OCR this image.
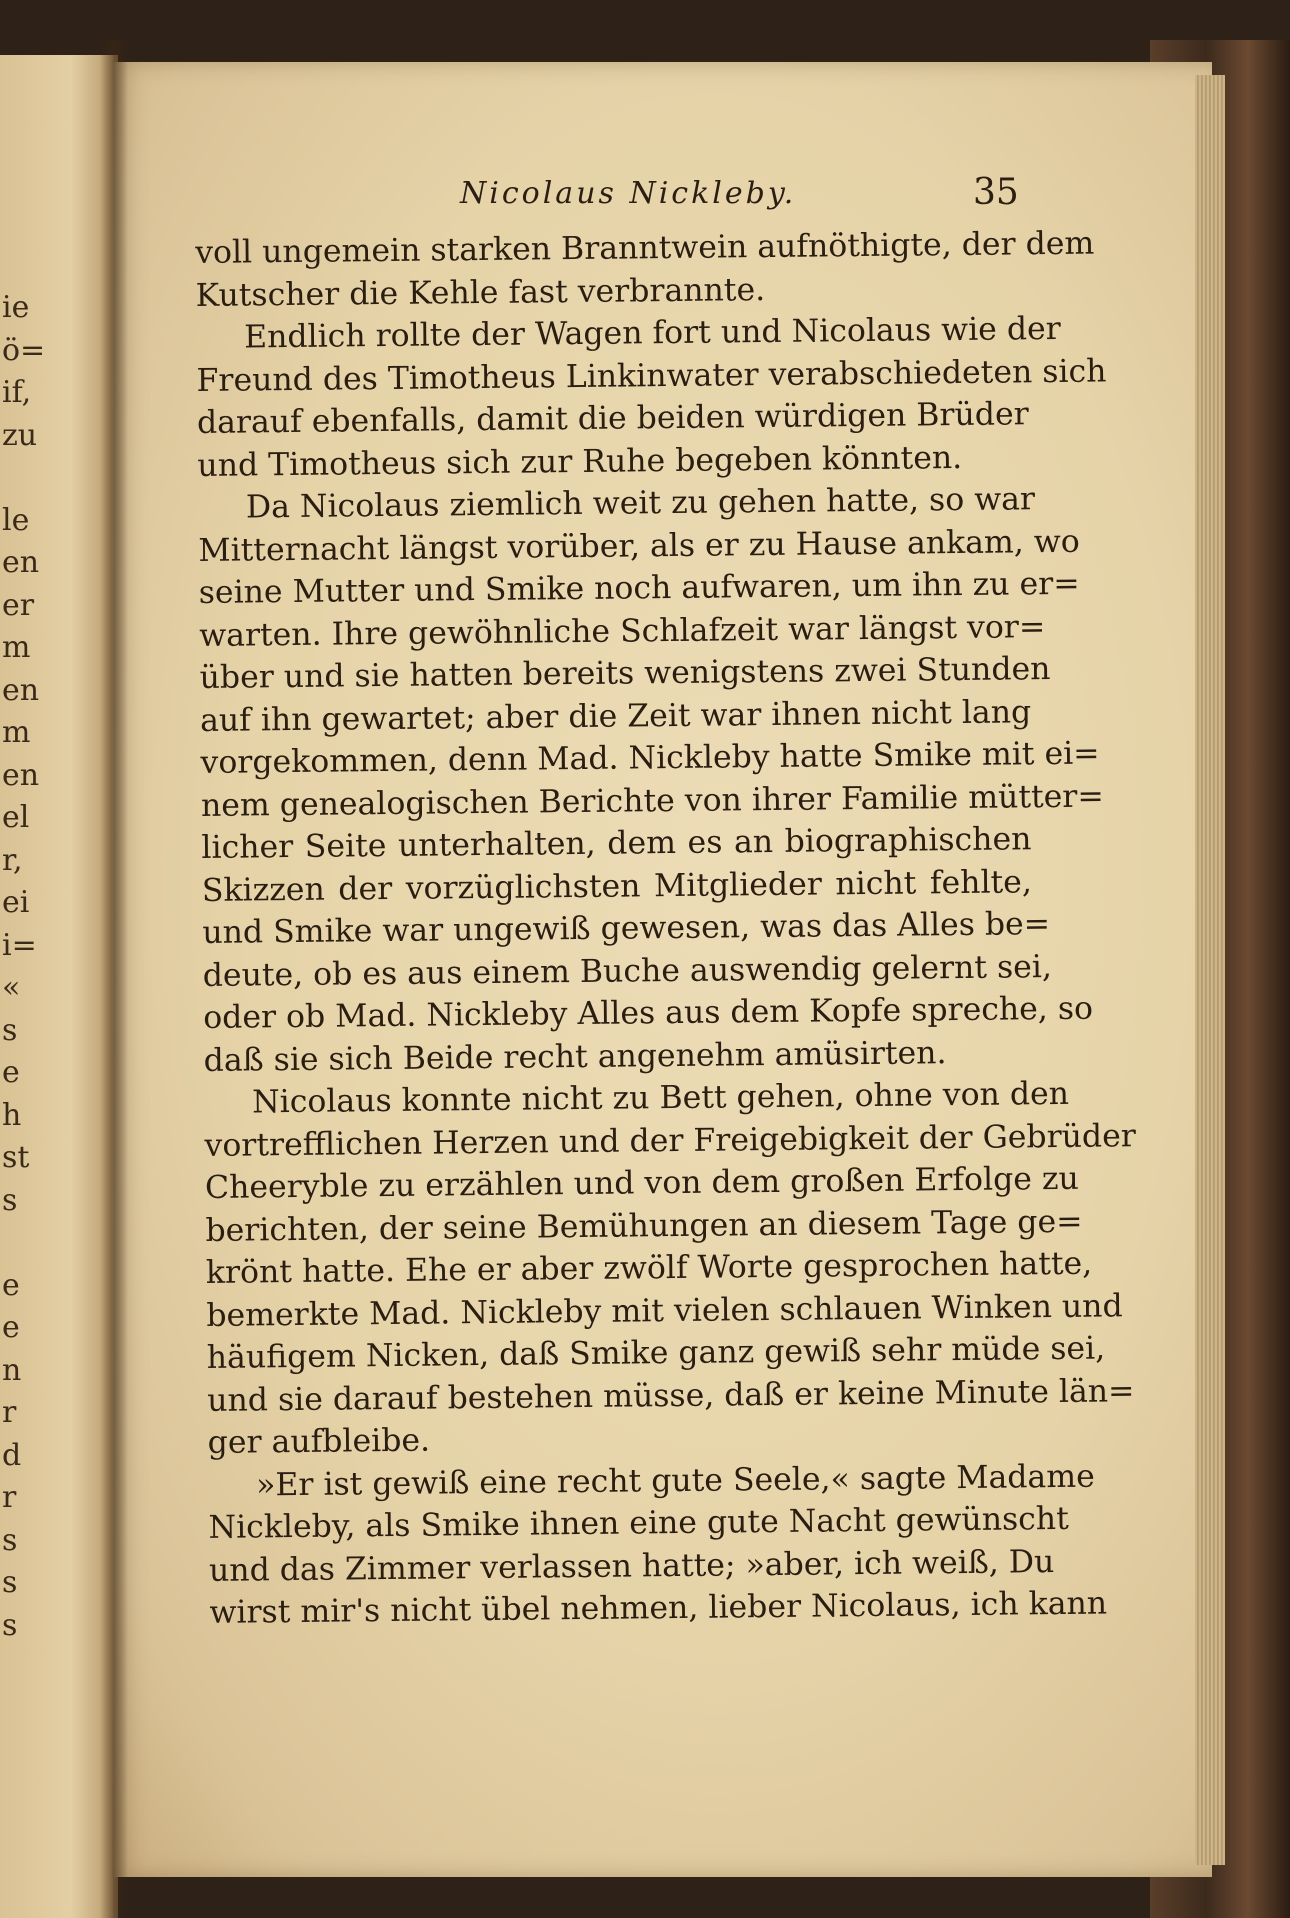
ie
ö=
if,
zu
le
en
er
m
en
m
en
el
r,
ei
i=
«
s
e
h
st
s
e
e
n
r
d
r
s
s
s
Nicolaus Nickleby.	35
voll ungemein starken Branntwein aufnöthigte, der dem
Kutscher die Kehle fast verbrannte.
Endlich rollte der Wagen fort und Nicolaus wie der
Freund des Timotheus Linkinwater verabschiedeten sich
darauf ebenfalls, damit die beiden würdigen Brüder
und Timotheus sich zur Ruhe begeben könnten.
Da Nicolaus ziemlich weit zu gehen hatte, so war
Mitternacht längst vorüber, als er zu Hause ankam, wo
seine Mutter und Smike noch aufwaren, um ihn zu er=
warten. Ihre gewöhnliche Schlafzeit war längst vor=
über und sie hatten bereits wenigstens zwei Stunden
auf ihn gewartet; aber die Zeit war ihnen nicht lang
vorgekommen, denn Mad. Nickleby hatte Smike mit ei=
nem genealogischen Berichte von ihrer Familie mütter=
licher Seite unterhalten, dem es an biographischen
Skizzen der vorzüglichsten Mitglieder nicht fehlte,
und Smike war ungewiß gewesen, was das Alles be=
deute, ob es aus einem Buche auswendig gelernt sei,
oder ob Mad. Nickleby Alles aus dem Kopfe spreche, so
daß sie sich Beide recht angenehm amüsirten.
Nicolaus konnte nicht zu Bett gehen, ohne von den
vortrefflichen Herzen und der Freigebigkeit der Gebrüder
Cheeryble zu erzählen und von dem großen Erfolge zu
berichten, der seine Bemühungen an diesem Tage ge=
krönt hatte. Ehe er aber zwölf Worte gesprochen hatte,
bemerkte Mad. Nickleby mit vielen schlauen Winken und
häufigem Nicken, daß Smike ganz gewiß sehr müde sei,
und sie darauf bestehen müsse, daß er keine Minute län=
ger aufbleibe.
»Er ist gewiß eine recht gute Seele,« sagte Madame
Nickleby, als Smike ihnen eine gute Nacht gewünscht
und das Zimmer verlassen hatte; »aber, ich weiß, Du
wirst mir's nicht übel nehmen, lieber Nicolaus, ich kann
